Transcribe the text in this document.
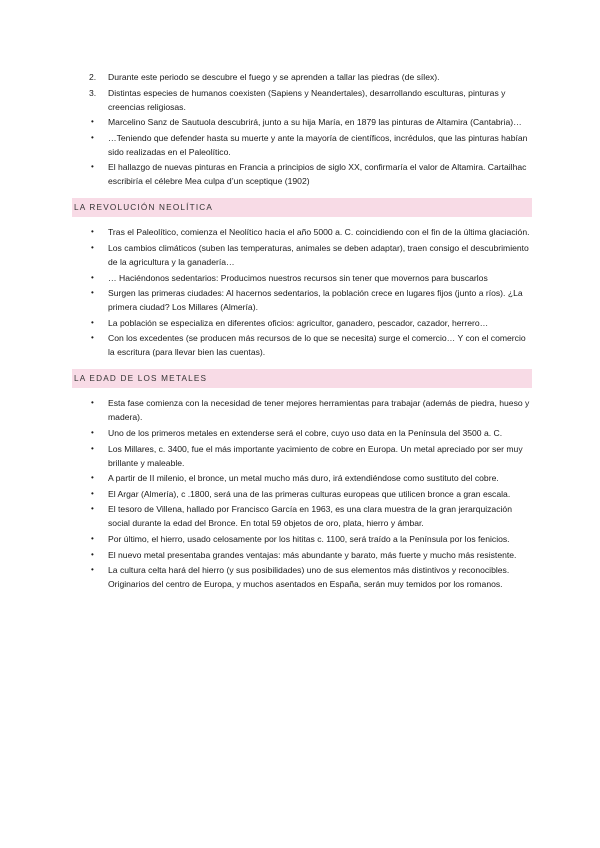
2. Durante este periodo se descubre el fuego y se aprenden a tallar las piedras (de sílex).
3. Distintas especies de humanos coexisten (Sapiens y Neandertales), desarrollando esculturas, pinturas y creencias religiosas.
• Marcelino Sanz de Sautuola descubrirá, junto a su hija María, en 1879 las pinturas de Altamira (Cantabria)…
• …Teniendo que defender hasta su muerte y ante la mayoría de científicos, incrédulos, que las pinturas habían sido realizadas en el Paleolítico.
• El hallazgo de nuevas pinturas en Francia a principios de siglo XX, confirmaría el valor de Altamira. Cartailhac escribiría el célebre Mea culpa d’un sceptique (1902)
LA REVOLUCIÓN NEOLÍTICA
• Tras el Paleolítico, comienza el Neolítico hacia el año 5000 a. C. coincidiendo con el fin de la última glaciación.
• Los cambios climáticos (suben las temperaturas, animales se deben adaptar), traen consigo el descubrimiento de la agricultura y la ganadería…
• … Haciéndonos sedentarios: Producimos nuestros recursos sin tener que movernos para buscarlos
• Surgen las primeras ciudades: Al hacernos sedentarios, la población crece en lugares fijos (junto a ríos). ¿La primera ciudad? Los Millares (Almería).
• La población se especializa en diferentes oficios: agricultor, ganadero, pescador, cazador, herrero…
• Con los excedentes (se producen más recursos de lo que se necesita) surge el comercio… Y con el comercio la escritura (para llevar bien las cuentas).
LA EDAD DE LOS METALES
• Esta fase comienza con la necesidad de tener mejores herramientas para trabajar (además de piedra, hueso y madera).
• Uno de los primeros metales en extenderse será el cobre, cuyo uso data en la Península del 3500 a. C.
• Los Millares, c. 3400, fue el más importante yacimiento de cobre en Europa. Un metal apreciado por ser muy brillante y maleable.
• A partir de II milenio, el bronce, un metal mucho más duro, irá extendiéndose como sustituto del cobre.
• El Argar (Almería), c .1800, será una de las primeras culturas europeas que utilicen bronce a gran escala.
• El tesoro de Villena, hallado por Francisco García en 1963, es una clara muestra de la gran jerarquización social durante la edad del Bronce. En total 59 objetos de oro, plata, hierro y ámbar.
• Por último, el hierro, usado celosamente por los hititas c. 1100, será traído a la Península por los fenicios.
• El nuevo metal presentaba grandes ventajas: más abundante y barato, más fuerte y mucho más resistente.
• La cultura celta hará del hierro (y sus posibilidades) uno de sus elementos más distintivos y reconocibles. Originarios del centro de Europa, y muchos asentados en España, serán muy temidos por los romanos.
